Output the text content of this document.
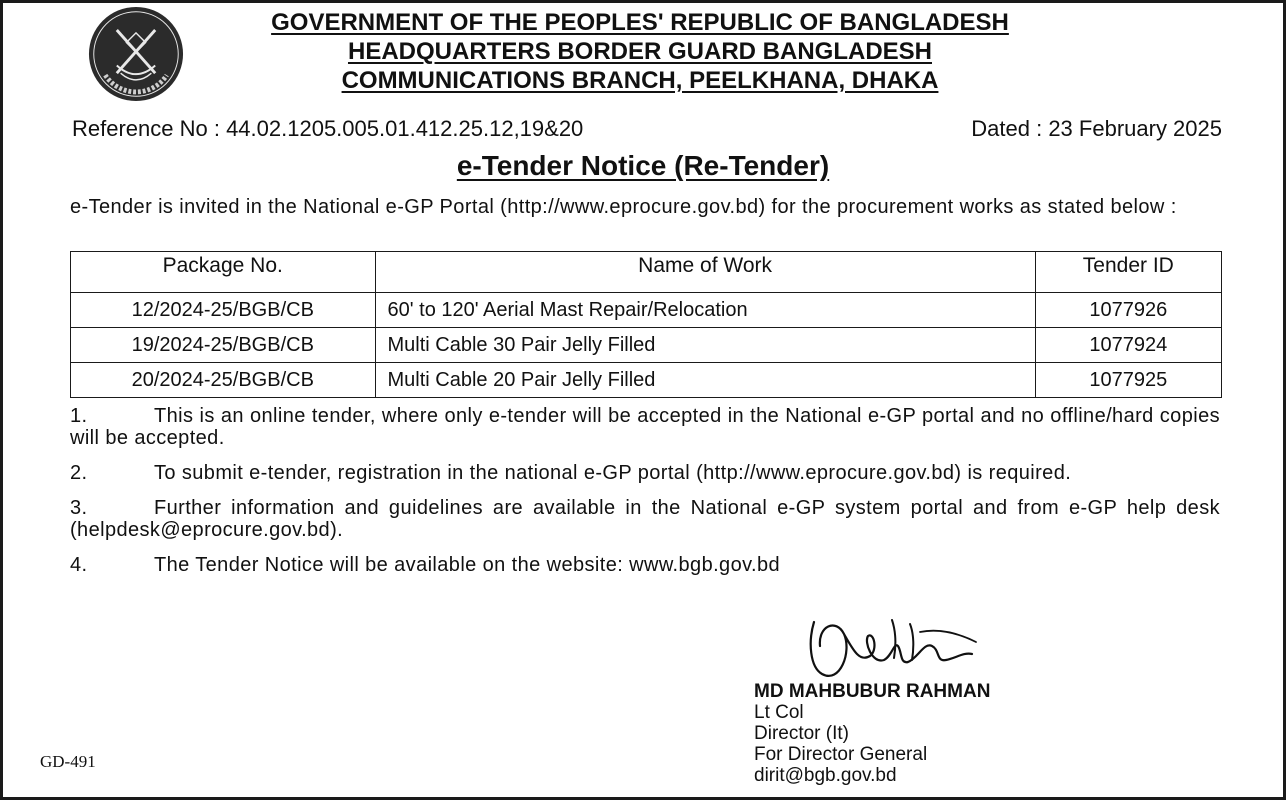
GOVERNMENT OF THE PEOPLES' REPUBLIC OF BANGLADESH
HEADQUARTERS BORDER GUARD BANGLADESH
COMMUNICATIONS BRANCH, PEELKHANA, DHAKA
Reference No : 44.02.1205.005.01.412.25.12,19&20	Dated : 23 February 2025
e-Tender Notice (Re-Tender)
e-Tender is invited in the National e-GP Portal (http://www.eprocure.gov.bd) for the procurement works as stated below :
Package No.	Name of Work	Tender ID
12/2024-25/BGB/CB	60' to 120' Aerial Mast Repair/Relocation	1077926
19/2024-25/BGB/CB	Multi Cable 30 Pair Jelly Filled	1077924
20/2024-25/BGB/CB	Multi Cable 20 Pair Jelly Filled	1077925
1.	This is an online tender, where only e-tender will be accepted in the National e-GP portal and no offline/hard copies will be accepted.
2.	To submit e-tender, registration in the national e-GP portal (http://www.eprocure.gov.bd) is required.
3.	Further information and guidelines are available in the National e-GP system portal and from e-GP help desk (helpdesk@eprocure.gov.bd).
4.	The Tender Notice will be available on the website: www.bgb.gov.bd
MD MAHBUBUR RAHMAN
Lt Col
Director (It)
For Director General
dirit@bgb.gov.bd
GD-491
